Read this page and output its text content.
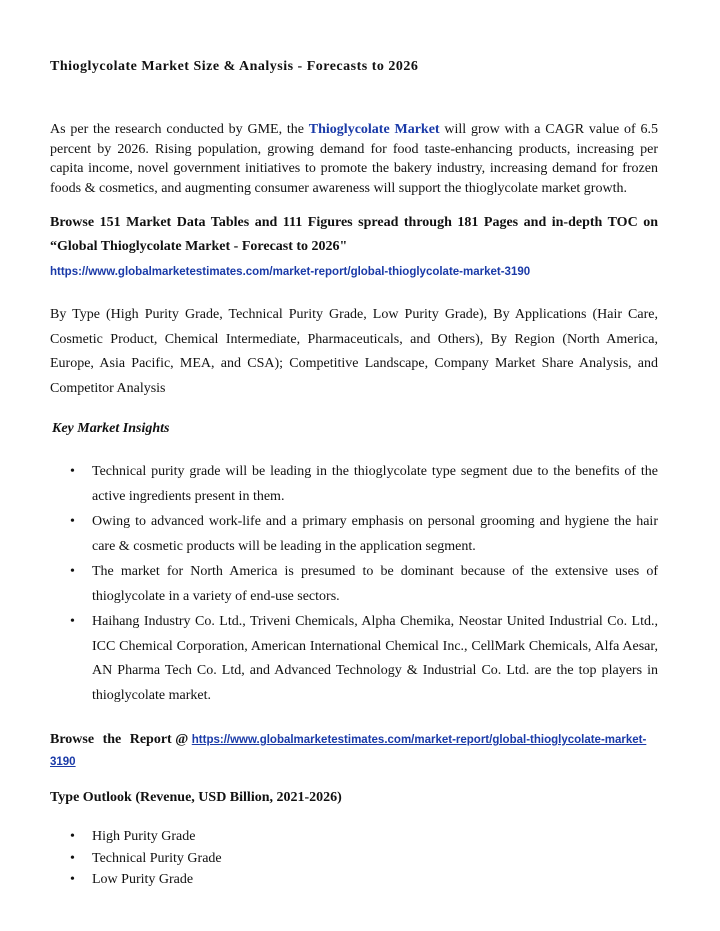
Thioglycolate Market Size & Analysis - Forecasts to 2026

As per the research conducted by GME, the Thioglycolate Market will grow with a CAGR value of 6.5 percent by 2026. Rising population, growing demand for food taste-enhancing products, increasing per capita income, novel government initiatives to promote the bakery industry, increasing demand for frozen foods & cosmetics, and augmenting consumer awareness will support the thioglycolate market growth.

Browse 151 Market Data Tables and 111 Figures spread through 181 Pages and in-depth TOC on “Global Thioglycolate Market - Forecast to 2026"

https://www.globalmarketestimates.com/market-report/global-thioglycolate-market-3190

By Type (High Purity Grade, Technical Purity Grade, Low Purity Grade), By Applications (Hair Care, Cosmetic Product, Chemical Intermediate, Pharmaceuticals, and Others), By Region (North America, Europe, Asia Pacific, MEA, and CSA); Competitive Landscape, Company Market Share Analysis, and Competitor Analysis

Key Market Insights
• Technical purity grade will be leading in the thioglycolate type segment due to the benefits of the active ingredients present in them.
• Owing to advanced work-life and a primary emphasis on personal grooming and hygiene the hair care & cosmetic products will be leading in the application segment.
• The market for North America is presumed to be dominant because of the extensive uses of thioglycolate in a variety of end-use sectors.
• Haihang Industry Co. Ltd., Triveni Chemicals, Alpha Chemika, Neostar United Industrial Co. Ltd., ICC Chemical Corporation, American International Chemical Inc., CellMark Chemicals, Alfa Aesar, AN Pharma Tech Co. Ltd, and Advanced Technology & Industrial Co. Ltd. are the top players in thioglycolate market.
Browse the Report @ https://www.globalmarketestimates.com/market-report/global-thioglycolate-market-3190
Type Outlook (Revenue, USD Billion, 2021-2026)
• High Purity Grade
• Technical Purity Grade
• Low Purity Grade
